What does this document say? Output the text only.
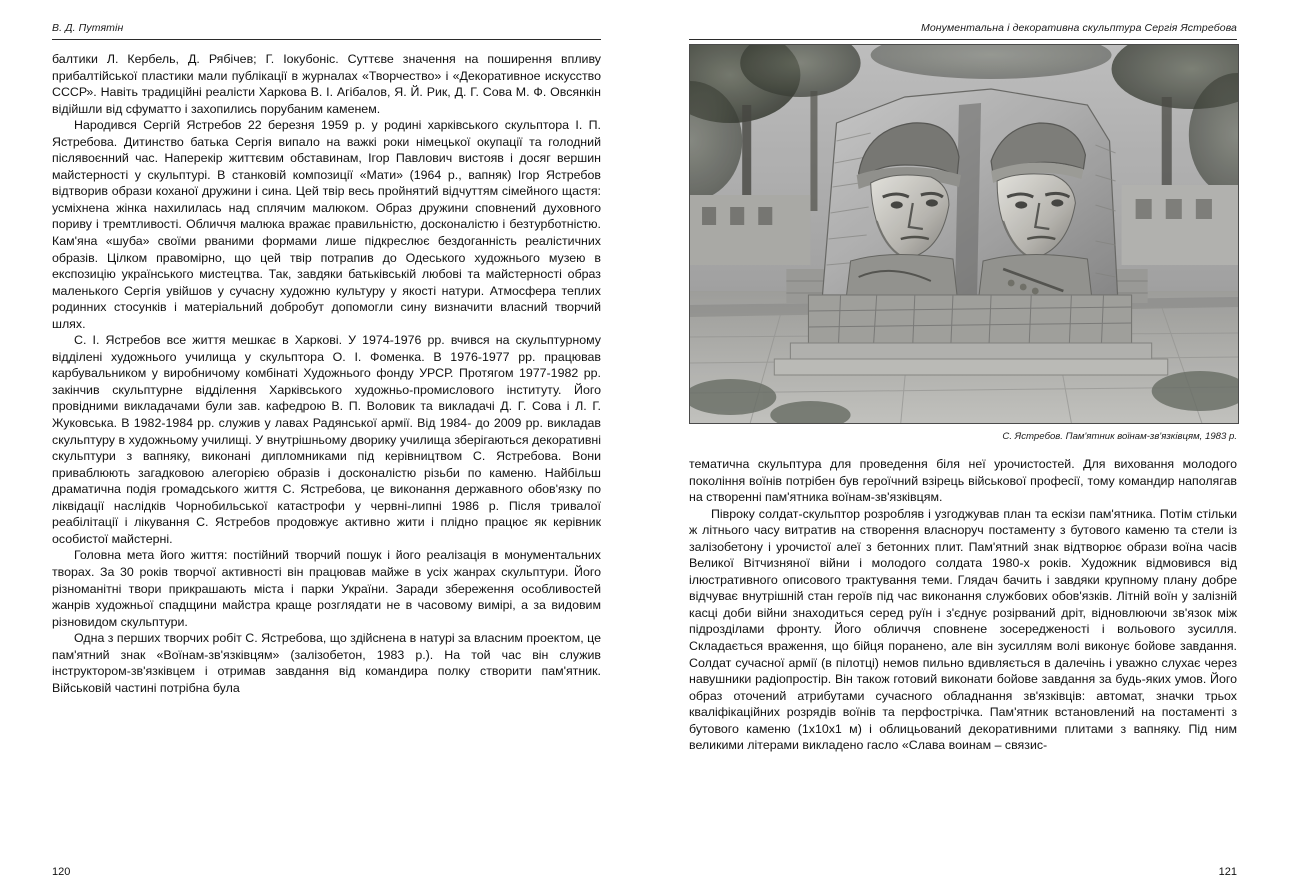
В. Д. Путятін

балтики Л. Кербель, Д. Рябічев; Г. Іокубоніс. Суттєве значення на поширення впливу прибалтійської пластики мали публікації в журналах «Творчество» і «Декоративное искусство СССР». Навіть традиційні реалісти Харкова В. І. Агібалов, Я. Й. Рик, Д. Г. Сова М. Ф. Овсянкін відійшли від сфуматто і захопились порубаним каменем.

Народився Сергій Ястребов 22 березня 1959 р. у родині харківського скульптора І. П. Ястребова. Дитинство батька Сергія випало на важкі роки німецької окупації та голодний післявоєнний час. Наперекір життєвим обставинам, Ігор Павлович вистояв і досяг вершин майстерності у скульптурі. В станковій композиції «Мати» (1964 р., вапняк) Ігор Ястребов відтворив образи коханої дружини і сина. Цей твір весь пройнятий відчуттям сімейного щастя: усміхнена жінка нахилилась над сплячим малюком. Образ дружини сповнений духовного пориву і тремтливості. Обличчя малюка вражає правильністю, досконалістю і безтурботністю. Кам'яна «шуба» своїми рваними формами лише підкреслює бездоганність реалістичних образів. Цілком правомірно, що цей твір потрапив до Одеського художнього музею в експозицію українського мистецтва. Так, завдяки батьківській любові та майстерності образ маленького Сергія увійшов у сучасну художню культуру у якості натури. Атмосфера теплих родинних стосунків і матеріальний добробут допомогли сину визначити власний творчий шлях.

С. І. Ястребов все життя мешкає в Харкові. У 1974-1976 рр. вчився на скульптурному відділені художнього училища у скульптора О. І. Фоменка. В 1976-1977 рр. працював карбувальником у виробничому комбінаті Художнього фонду УРСР. Протягом 1977-1982 рр. закінчив скульптурне відділення Харківського художньо-промислового інституту. Його провідними викладачами були зав. кафедрою В. П. Воловик та викладачі Д. Г. Сова і Л. Г. Жуковська. В 1982-1984 рр. служив у лавах Радянської армії. Від 1984- до 2009 рр. викладав скульптуру в художньому училищі. У внутрішньому дворику училища зберігаються декоративні скульптури з вапняку, виконані дипломниками під керівництвом С. Ястребова. Вони приваблюють загадковою алегорією образів і досконалістю різьби по каменю. Найбільш драматична подія громадського життя С. Ястребова, це виконання державного обов'язку по ліквідації наслідків Чорнобильської катастрофи у червні-липні 1986 р. Після тривалої реабілітації і лікування С. Ястребов продовжує активно жити і плідно працює як керівник особистої майстерні.

Головна мета його життя: постійний творчий пошук і його реалізація в монументальних творах. За 30 років творчої активності він працював майже в усіх жанрах скульптури. Його різноманітні твори прикрашають міста і парки України. Заради збереження особливостей жанрів художньої спадщини майстра краще розглядати не в часовому вимірі, а за видовим різновидом скульптури.

Одна з перших творчих робіт С. Ястребова, що здійснена в натурі за власним проектом, це пам'ятний знак «Воїнам-зв'язківцям» (залізобетон, 1983 р.). На той час він служив інструктором-зв'язківцем і отримав завдання від командира полку створити пам'ятник. Військовій частині потрібна була

120
Монументальна і декоративна скульптура Сергія Ястребова
С. Ястребов. Пам'ятник воїнам-зв'язківцям, 1983 р.

тематична скульптура для проведення біля неї урочистостей. Для виховання молодого покоління воїнів потрібен був героїчний взірець військової професії, тому командир наполягав на створенні пам'ятника воїнам-зв'язківцям.

Півроку солдат-скульптор розробляв і узгоджував план та ескізи пам'ятника. Потім стільки ж літнього часу витратив на створення власноруч постаменту з бутового каменю та стели із залізобетону і урочистої алеї з бетонних плит. Пам'ятний знак відтворює образи воїна часів Великої Вітчизняної війни і молодого солдата 1980-х років. Художник відмовився від ілюстративного описового трактування теми. Глядач бачить і завдяки крупному плану добре відчуває внутрішній стан героїв під час виконання службових обов'язків. Літній воїн у залізній касці доби війни знаходиться серед руїн і з'єднує розірваний дріт, відновлюючи зв'язок між підрозділами фронту. Його обличчя сповнене зосередженості і вольового зусилля. Складається враження, що бійця поранено, але він зусиллям волі виконує бойове завдання. Солдат сучасної армії (в пілотці) немов пильно вдивляється в далечінь і уважно слухає через навушники радіопростір. Він також готовий виконати бойове завдання за будь-яких умов. Його образ оточений атрибутами сучасного обладнання зв'язківців: автомат, значки трьох кваліфікаційних розрядів воїнів та перфострічка. Пам'ятник встановлений на постаменті з бутового каменю (1х10х1 м) і облицьований декоративними плитами з вапняку. Під ним великими літерами викладено гасло «Слава воинам – связис-

121
